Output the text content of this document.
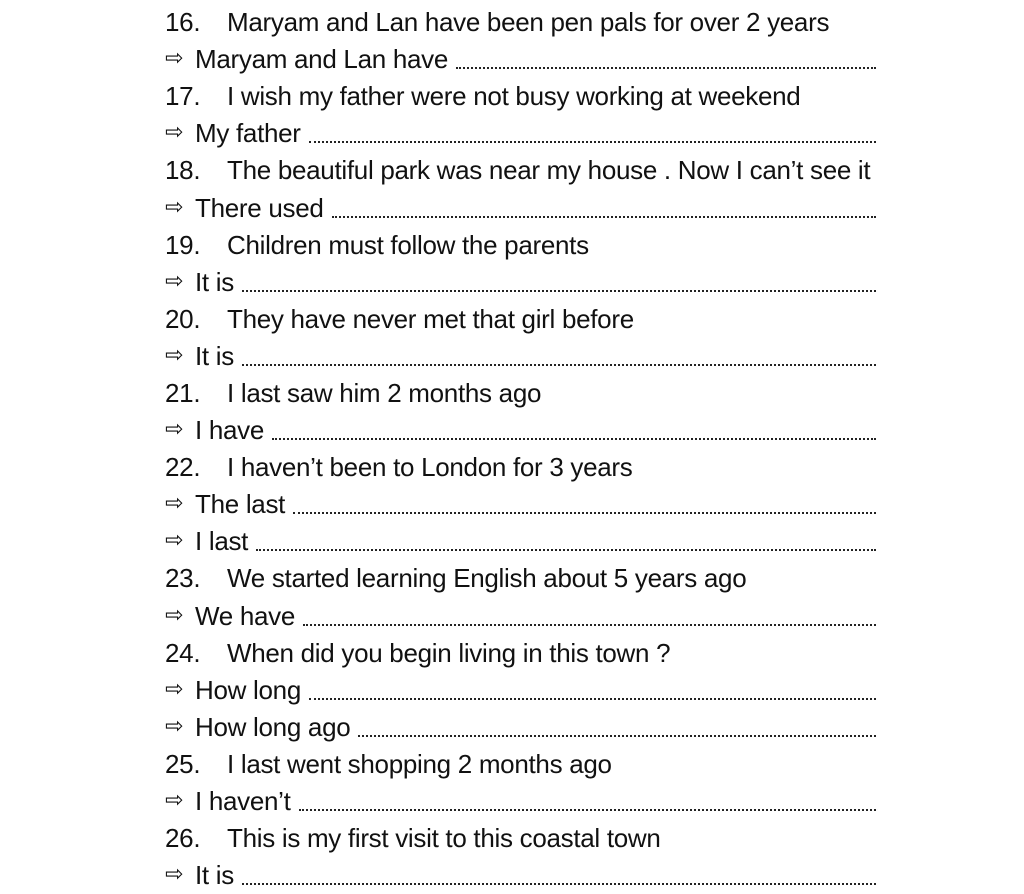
16.	Maryam and Lan have been pen pals for over 2 years
⇨ Maryam and Lan have
17.	I wish my father were not busy working at weekend
⇨ My father
18.	The beautiful park was near my house . Now I can’t see it
⇨ There used
19.	Children must follow the parents
⇨ It is
20.	They have never met that girl before
⇨ It is
21.	I last saw him 2 months ago
⇨ I have
22.	I haven’t been to London for 3 years
⇨ The last
⇨ I last
23.	We started learning English about 5 years ago
⇨ We have
24.	When did you begin living in this town ?
⇨ How long
⇨ How long ago
25.	I last went shopping 2 months ago
⇨ I haven’t
26.	This is my first visit to this coastal town
⇨ It is
